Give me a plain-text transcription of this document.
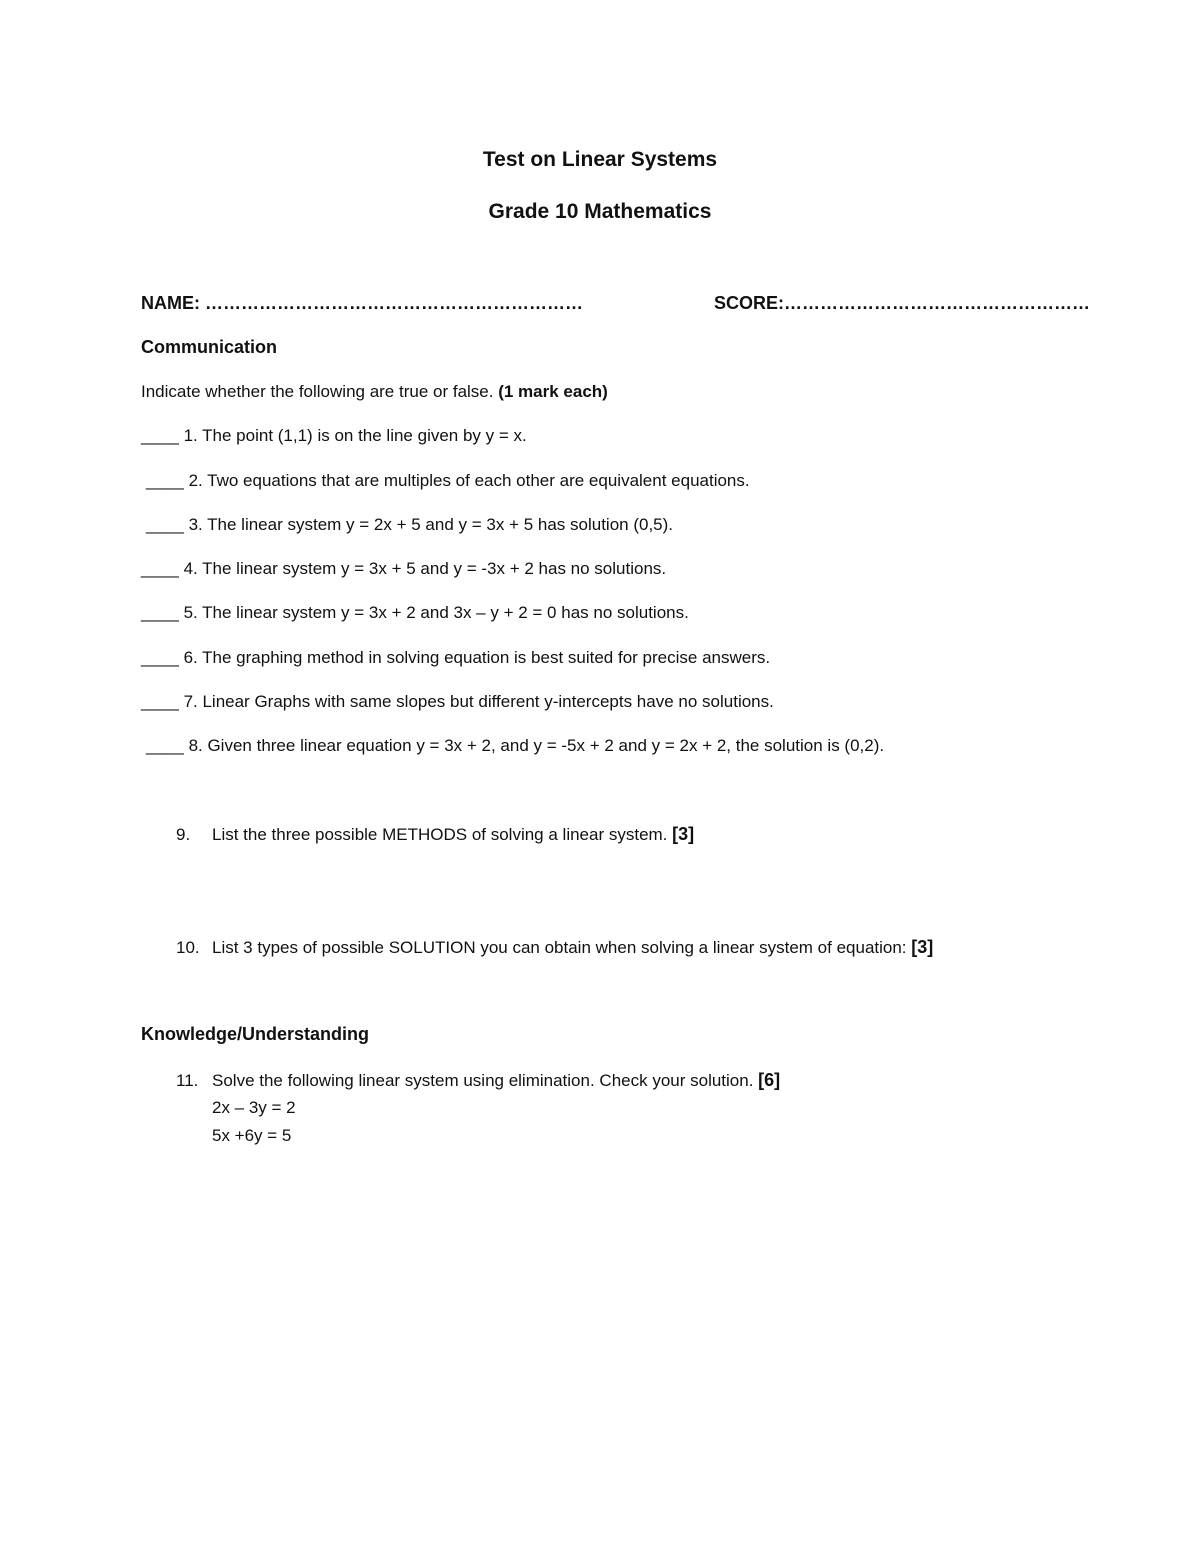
Test on Linear Systems
Grade 10 Mathematics
NAME: ………………………………………………………	SCORE:……………………………………………
Communication
Indicate whether the following are true or false. (1 mark each)
____ 1. The point (1,1) is on the line given by y = x.
____ 2. Two equations that are multiples of each other are equivalent equations.
____ 3. The linear system y = 2x + 5 and y = 3x + 5 has solution (0,5).
____ 4. The linear system y = 3x + 5 and y = -3x + 2 has no solutions.
____ 5. The linear system y = 3x + 2 and 3x – y + 2 = 0 has no solutions.
____ 6. The graphing method in solving equation is best suited for precise answers.
____ 7. Linear Graphs with same slopes but different y-intercepts have no solutions.
____ 8. Given three linear equation y = 3x + 2, and y = -5x + 2 and y = 2x + 2, the solution is (0,2).
9. List the three possible METHODS of solving a linear system. [3]
10. List 3 types of possible SOLUTION you can obtain when solving a linear system of equation: [3]
Knowledge/Understanding
11. Solve the following linear system using elimination. Check your solution. [6]
2x – 3y = 2
5x +6y = 5
